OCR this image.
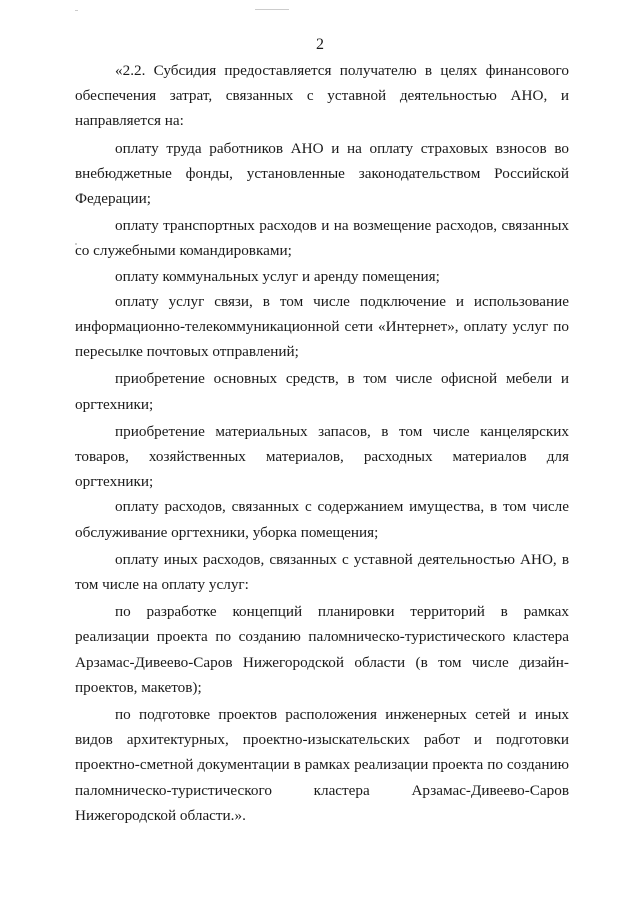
2

«2.2. Субсидия предоставляется получателю в целях финансового обеспечения затрат, связанных с уставной деятельностью АНО, и направляется на:

оплату труда работников АНО и на оплату страховых взносов во внебюджетные фонды, установленные законодательством Российской Федерации;

оплату транспортных расходов и на возмещение расходов, связанных со служебными командировками;

оплату коммунальных услуг и аренду помещения;

оплату услуг связи, в том числе подключение и использование информационно-телекоммуникационной сети «Интернет», оплату услуг по пересылке почтовых отправлений;

приобретение основных средств, в том числе офисной мебели и оргтехники;

приобретение материальных запасов, в том числе канцелярских товаров, хозяйственных материалов, расходных материалов для оргтехники;

оплату расходов, связанных с содержанием имущества, в том числе обслуживание оргтехники, уборка помещения;

оплату иных расходов, связанных с уставной деятельностью АНО, в том числе на оплату услуг:

по разработке концепций планировки территорий в рамках реализации проекта по созданию паломническо-туристического кластера Арзамас-Дивеево-Саров Нижегородской области (в том числе дизайн-проектов, макетов);

по подготовке проектов расположения инженерных сетей и иных видов архитектурных, проектно-изыскательских работ и подготовки проектно-сметной документации в рамках реализации проекта по созданию паломническо-туристического кластера Арзамас-Дивеево-Саров Нижегородской области.».
